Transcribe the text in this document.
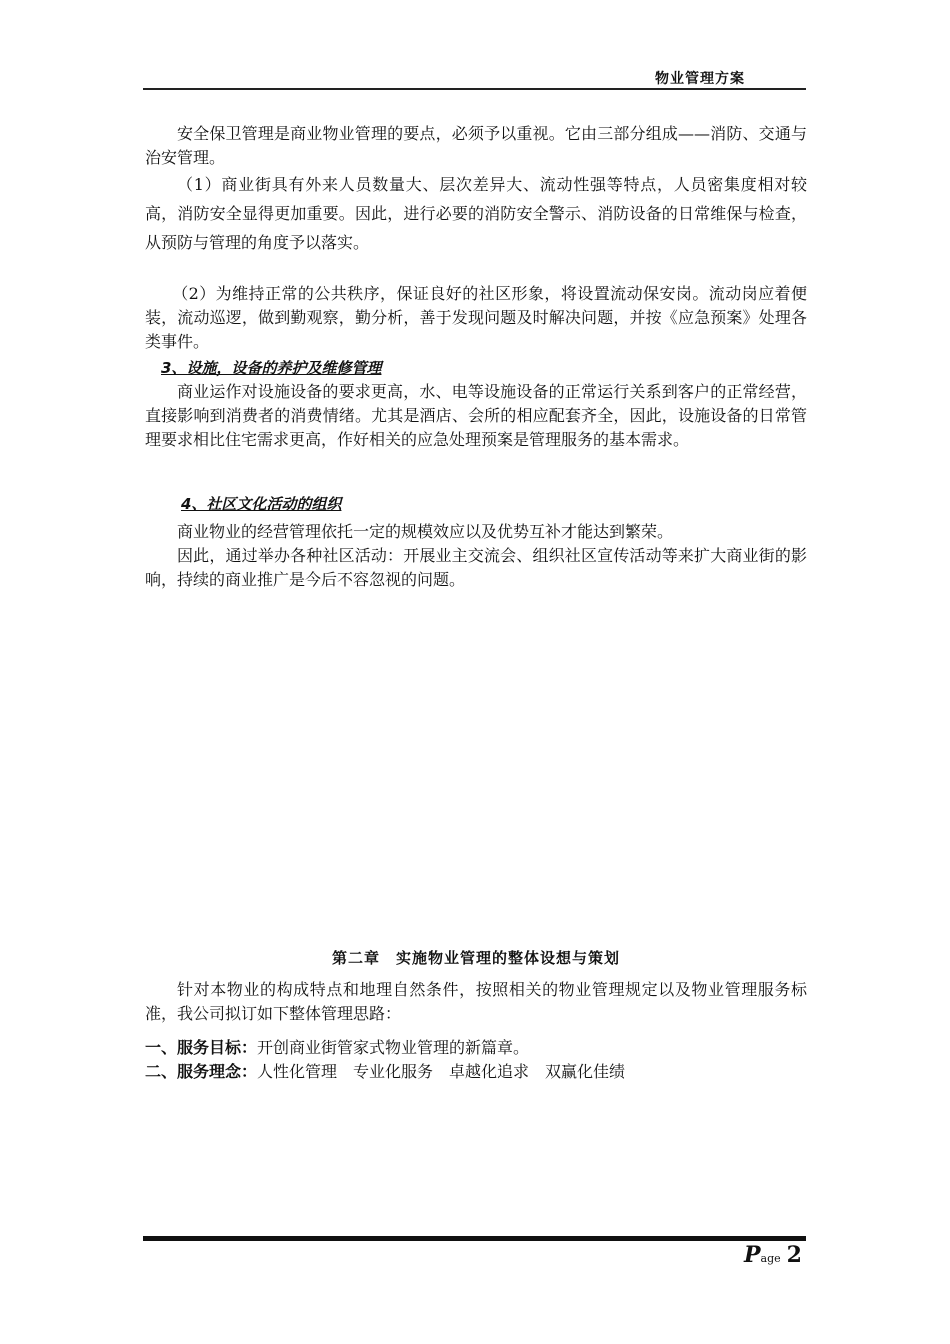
物业管理方案

安全保卫管理是商业物业管理的要点，必须予以重视。它由三部分组成——消防、交通与治安管理。

（1）商业街具有外来人员数量大、层次差异大、流动性强等特点，人员密集度相对较高，消防安全显得更加重要。因此，进行必要的消防安全警示、消防设备的日常维保与检查，从预防与管理的角度予以落实。

（2）为维持正常的公共秩序，保证良好的社区形象，将设置流动保安岗。流动岗应着便装，流动巡逻，做到勤观察，勤分析，善于发现问题及时解决问题，并按《应急预案》处理各类事件。

3、设施，设备的养护及维修管理

商业运作对设施设备的要求更高，水、电等设施设备的正常运行关系到客户的正常经营，直接影响到消费者的消费情绪。尤其是酒店、会所的相应配套齐全，因此，设施设备的日常管理要求相比住宅需求更高，作好相关的应急处理预案是管理服务的基本需求。

4、社区文化活动的组织

商业物业的经营管理依托一定的规模效应以及优势互补才能达到繁荣。

因此，通过举办各种社区活动：开展业主交流会、组织社区宣传活动等来扩大商业街的影响，持续的商业推广是今后不容忽视的问题。

第二章　实施物业管理的整体设想与策划

针对本物业的构成特点和地理自然条件，按照相关的物业管理规定以及物业管理服务标准，我公司拟订如下整体管理思路：

一、服务目标：开创商业街管家式物业管理的新篇章。

二、服务理念：人性化管理　专业化服务　卓越化追求　双赢化佳绩

Page 2
